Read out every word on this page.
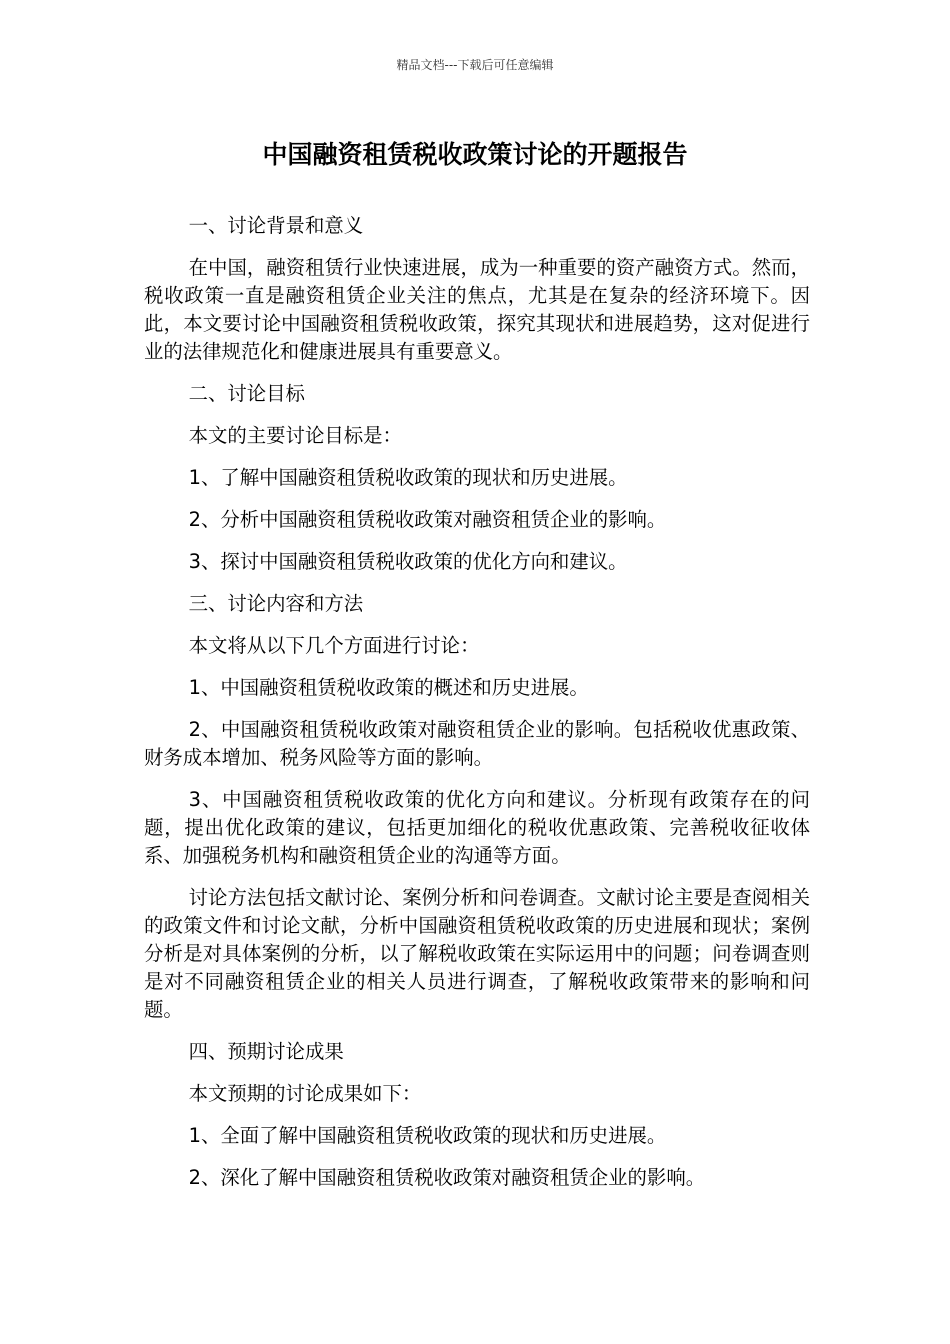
精品文档---下载后可任意编辑
中国融资租赁税收政策讨论的开题报告

一、讨论背景和意义

在中国，融资租赁行业快速进展，成为一种重要的资产融资方式。然而，税收政策一直是融资租赁企业关注的焦点，尤其是在复杂的经济环境下。因此，本文要讨论中国融资租赁税收政策，探究其现状和进展趋势，这对促进行业的法律规范化和健康进展具有重要意义。

二、讨论目标

本文的主要讨论目标是：

1、了解中国融资租赁税收政策的现状和历史进展。

2、分析中国融资租赁税收政策对融资租赁企业的影响。

3、探讨中国融资租赁税收政策的优化方向和建议。

三、讨论内容和方法

本文将从以下几个方面进行讨论：

1、中国融资租赁税收政策的概述和历史进展。

2、中国融资租赁税收政策对融资租赁企业的影响。包括税收优惠政策、财务成本增加、税务风险等方面的影响。

3、中国融资租赁税收政策的优化方向和建议。分析现有政策存在的问题，提出优化政策的建议，包括更加细化的税收优惠政策、完善税收征收体系、加强税务机构和融资租赁企业的沟通等方面。

讨论方法包括文献讨论、案例分析和问卷调查。文献讨论主要是查阅相关的政策文件和讨论文献，分析中国融资租赁税收政策的历史进展和现状；案例分析是对具体案例的分析，以了解税收政策在实际运用中的问题；问卷调查则是对不同融资租赁企业的相关人员进行调查，了解税收政策带来的影响和问题。

四、预期讨论成果

本文预期的讨论成果如下：

1、全面了解中国融资租赁税收政策的现状和历史进展。

2、深化了解中国融资租赁税收政策对融资租赁企业的影响。
